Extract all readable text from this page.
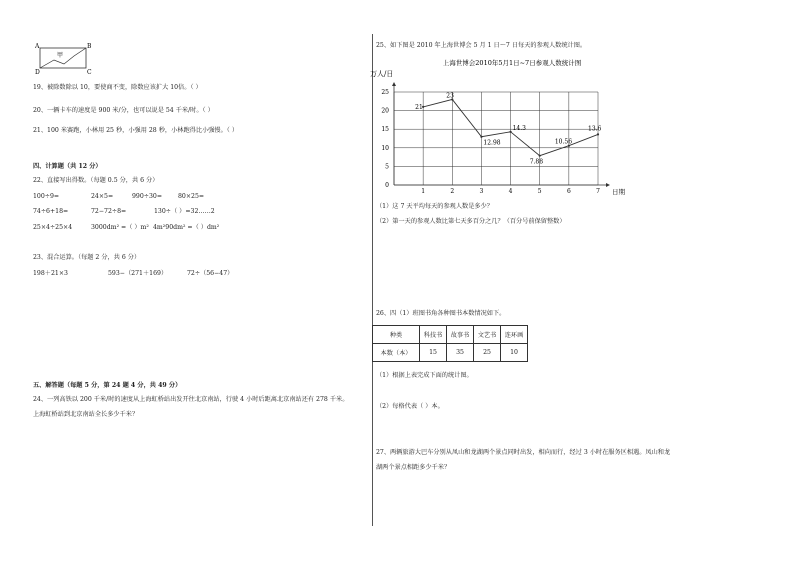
A	B
D	C
甲
19、被除数除以 10，要使商不变，除数应该扩大 10倍。（ ）
20、一辆卡车的速度是 900 米/分，也可以说是 54 千米/时。（ ）
21、100 米赛跑，小林用 25 秒，小强用 28 秒，小林跑得比小强慢。（ ）
四、计算题（共 12 分）
22、直接写出得数。（每题 0.5 分，共 6 分）
100÷9=	24×5=	990÷30=	80×25=
74÷6+18=	72−72÷8=	130÷（ ）=32……2
25×4÷25×4	3000dm² =（ ）m² 4m²90dm² =（ ）dm²
23、混合运算。（每题 2 分，共 6 分）
198＋21×3	593−（271＋169）	72÷（56−47）
五、解答题（每题 5 分，第 24 题 4 分，共 49 分）
24、一列高铁以 200 千米/时的速度从上海虹桥站出发开往北京南站，行驶 4 小时后距离北京南站还有 278 千米。
上海虹桥站到北京南站全长多少千米？
25、如下图是 2010 年上海世博会 5 月 1 日～7 日每天的参观人数统计图。
上海世博会2010年5月1日~7日参观人数统计图
万人/日
日期
0
5
10
15
20
25
1	2	3	4	5	6	7
21
23
12.98
14.3
7.88
10.56
13.6
（1）这 7 天平均每天的参观人数是多少？
（2）第一天的参观人数比第七天多百分之几？（百分号前保留整数）
26、四（1）班图书角各种图书本数情况如下。
种类	科技书	故事书	文艺书	连环画
本数（本）	15	35	25	10
（1）根据上表完成下面的统计图。
（2）每格代表（ ）本。
27、两辆旅游大巴车分别从凤山和龙湖两个景点同时出发，相向而行，经过 3 小时在服务区相遇。凤山和龙
湖两个景点相距多少千米？
